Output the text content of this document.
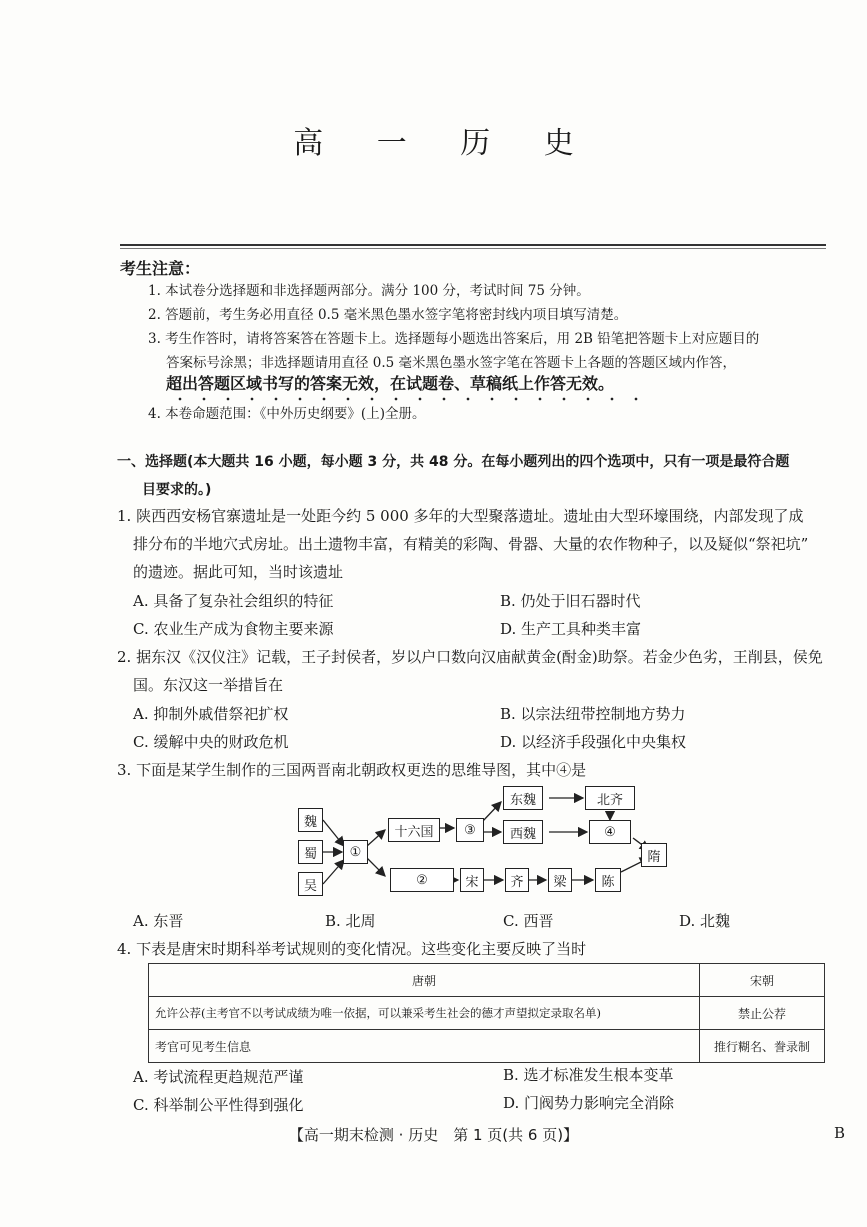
高 一 历 史
考生注意：
1. 本试卷分选择题和非选择题两部分。满分 100 分，考试时间 75 分钟。
2. 答题前，考生务必用直径 0.5 毫米黑色墨水签字笔将密封线内项目填写清楚。
3. 考生作答时，请将答案答在答题卡上。选择题每小题选出答案后，用 2B 铅笔把答题卡上对应题目的
答案标号涂黑；非选择题请用直径 0.5 毫米黑色墨水签字笔在答题卡上各题的答题区域内作答，
超出答题区域书写的答案无效，在试题卷、草稿纸上作答无效。
4. 本卷命题范围：《中外历史纲要》(上)全册。
一、选择题(本大题共 16 小题，每小题 3 分，共 48 分。在每小题列出的四个选项中，只有一项是最符合题
目要求的。)
1. 陕西西安杨官寨遗址是一处距今约 5 000 多年的大型聚落遗址。遗址由大型环壕围绕，内部发现了成
排分布的半地穴式房址。出土遗物丰富，有精美的彩陶、骨器、大量的农作物种子，以及疑似“祭祀坑”
的遗迹。据此可知，当时该遗址
A. 具备了复杂社会组织的特征	B. 仍处于旧石器时代
C. 农业生产成为食物主要来源	D. 生产工具种类丰富
2. 据东汉《汉仪注》记载，王子封侯者，岁以户口数向汉庙献黄金(酎金)助祭。若金少色劣，王削县，侯免
国。东汉这一举措旨在
A. 抑制外戚借祭祀扩权	B. 以宗法纽带控制地方势力
C. 缓解中央的财政危机	D. 以经济手段强化中央集权
3. 下面是某学生制作的三国两晋南北朝政权更迭的思维导图，其中④是
魏
蜀
吴
①
十六国	③
东魏
西魏
北齐
④
②	宋	齐	梁	陈
隋
A. 东晋	B. 北周	C. 西晋	D. 北魏
4. 下表是唐宋时期科举考试规则的变化情况。这些变化主要反映了当时
唐朝	宋朝
允许公荐(主考官不以考试成绩为唯一依据，可以兼采考生社会的德才声望拟定录取名单)	禁止公荐
考官可见考生信息	推行糊名、誊录制
A. 考试流程更趋规范严谨	B. 选才标准发生根本变革
C. 科举制公平性得到强化	D. 门阀势力影响完全消除
【高一期末检测 · 历史　第 1 页(共 6 页)】	B
